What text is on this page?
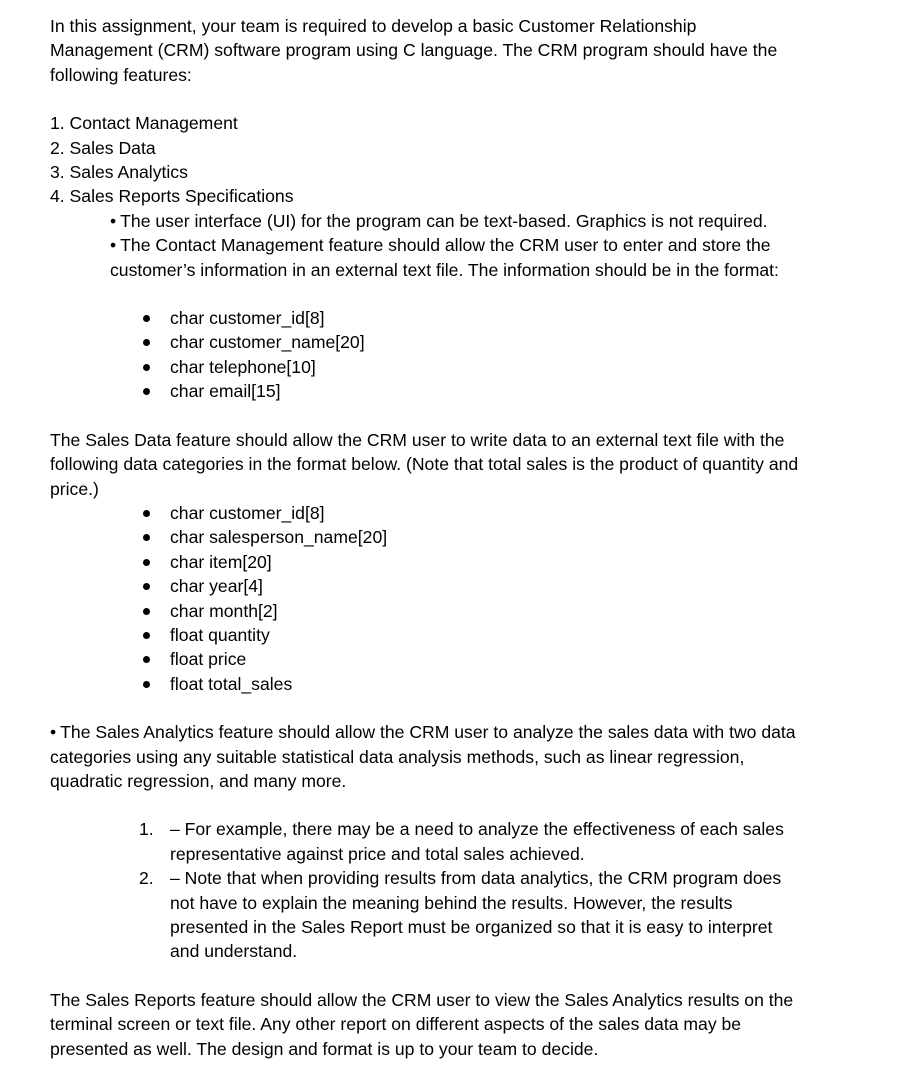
In this assignment, your team is required to develop a basic Customer Relationship
Management (CRM) software program using C language. The CRM program should have the
following features:

1. Contact Management
2. Sales Data
3. Sales Analytics
4. Sales Reports Specifications
• The user interface (UI) for the program can be text-based. Graphics is not required.
• The Contact Management feature should allow the CRM user to enter and store the
customer’s information in an external text file. The information should be in the format:
char customer_id[8]
char customer_name[20]
char telephone[10]
char email[15]

The Sales Data feature should allow the CRM user to write data to an external text file with the
following data categories in the format below. (Note that total sales is the product of quantity and
price.)

char customer_id[8]
char salesperson_name[20]
char item[20]
char year[4]
char month[2]
float quantity
float price
float total_sales

• The Sales Analytics feature should allow the CRM user to analyze the sales data with two data
categories using any suitable statistical data analysis methods, such as linear regression,
quadratic regression, and many more.

1. – For example, there may be a need to analyze the effectiveness of each sales
representative against price and total sales achieved.
2. – Note that when providing results from data analytics, the CRM program does
not have to explain the meaning behind the results. However, the results
presented in the Sales Report must be organized so that it is easy to interpret
and understand.

The Sales Reports feature should allow the CRM user to view the Sales Analytics results on the
terminal screen or text file. Any other report on different aspects of the sales data may be
presented as well. The design and format is up to your team to decide.
